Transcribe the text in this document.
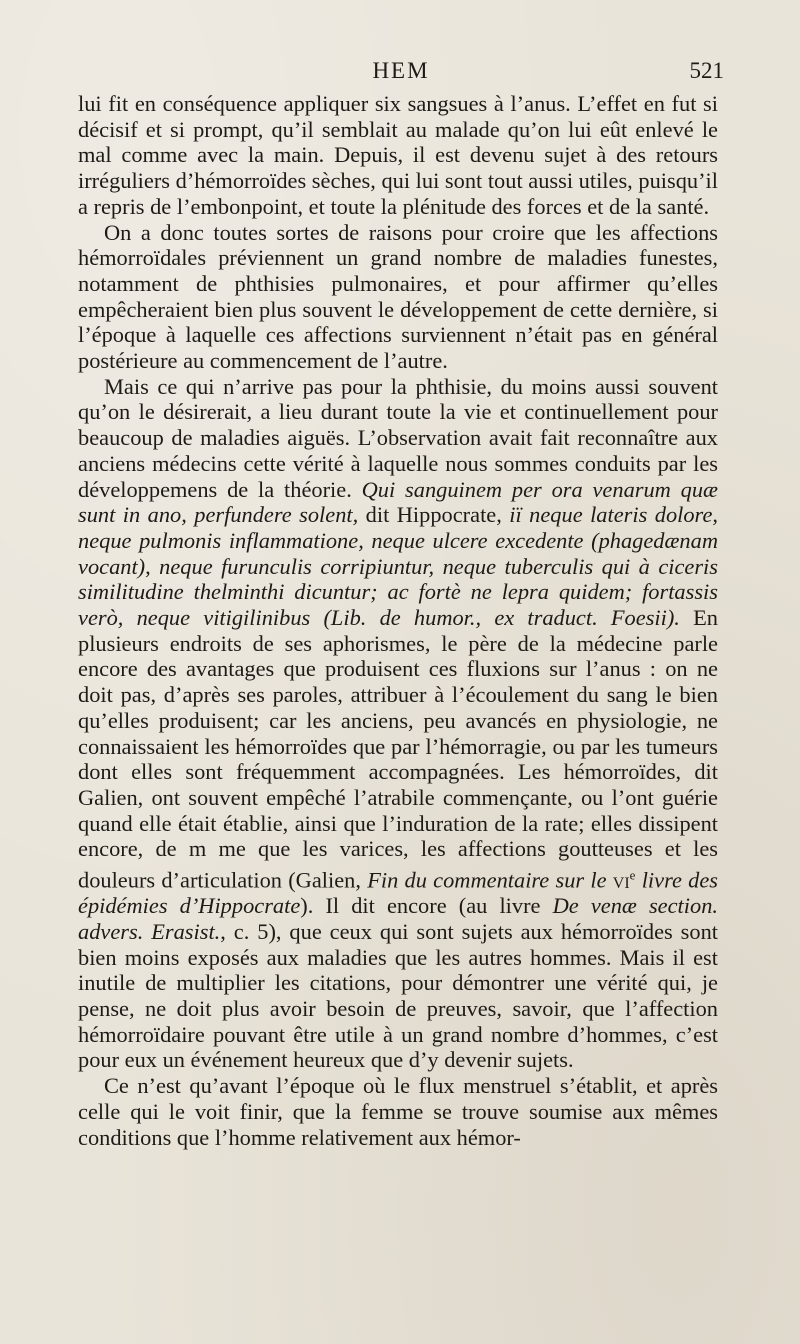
HEM	521

lui fit en conséquence appliquer six sangsues à l’anus. L’effet en fut si décisif et si prompt, qu’il semblait au malade qu’on lui eût enlevé le mal comme avec la main. Depuis, il est devenu sujet à des retours irréguliers d’hémorroïdes sèches, qui lui sont tout aussi utiles, puisqu’il a repris de l’embonpoint, et toute la plénitude des forces et de la santé.

On a donc toutes sortes de raisons pour croire que les affections hémorroïdales préviennent un grand nombre de maladies funestes, notamment de phthisies pulmonaires, et pour affirmer qu’elles empêcheraient bien plus souvent le développement de cette dernière, si l’époque à laquelle ces affections surviennent n’était pas en général postérieure au commencement de l’autre.

Mais ce qui n’arrive pas pour la phthisie, du moins aussi souvent qu’on le désirerait, a lieu durant toute la vie et continuellement pour beaucoup de maladies aiguës. L’observation avait fait reconnaître aux anciens médecins cette vérité à laquelle nous sommes conduits par les développemens de la théorie. Qui sanguinem per ora venarum quæ sunt in ano, perfundere solent, dit Hippocrate, iï neque lateris dolore, neque pulmonis inflammatione, neque ulcere excedente (phagedænam vocant), neque furunculis corripiuntur, neque tuberculis qui à ciceris similitudine thelminthi dicuntur; ac fortè ne lepra quidem; fortassis verò, neque vitigilinibus (Lib. de humor., ex traduct. Foesii). En plusieurs endroits de ses aphorismes, le père de la médecine parle encore des avantages que produisent ces fluxions sur l’anus : on ne doit pas, d’après ses paroles, attribuer à l’écoulement du sang le bien qu’elles produisent; car les anciens, peu avancés en physiologie, ne connaissaient les hémorroïdes que par l’hémorragie, ou par les tumeurs dont elles sont fréquemment accompagnées. Les hémorroïdes, dit Galien, ont souvent empêché l’atrabile commençante, ou l’ont guérie quand elle était établie, ainsi que l’induration de la rate; elles dissipent encore, de m me que les varices, les affections goutteuses et les douleurs d’articulation (Galien, Fin du commentaire sur le $vi^e$ livre des épidémies d’Hippocrate). Il dit encore (au livre De venæ section. advers. Erasist., c. 5), que ceux qui sont sujets aux hémorroïdes sont bien moins exposés aux maladies que les autres hommes. Mais il est inutile de multiplier les citations, pour démontrer une vérité qui, je pense, ne doit plus avoir besoin de preuves, savoir, que l’affection hémorroïdaire pouvant être utile à un grand nombre d’hommes, c’est pour eux un événement heureux que d’y devenir sujets.

Ce n’est qu’avant l’époque où le flux menstruel s’établit, et après celle qui le voit finir, que la femme se trouve soumise aux mêmes conditions que l’homme relativement aux hémor-
